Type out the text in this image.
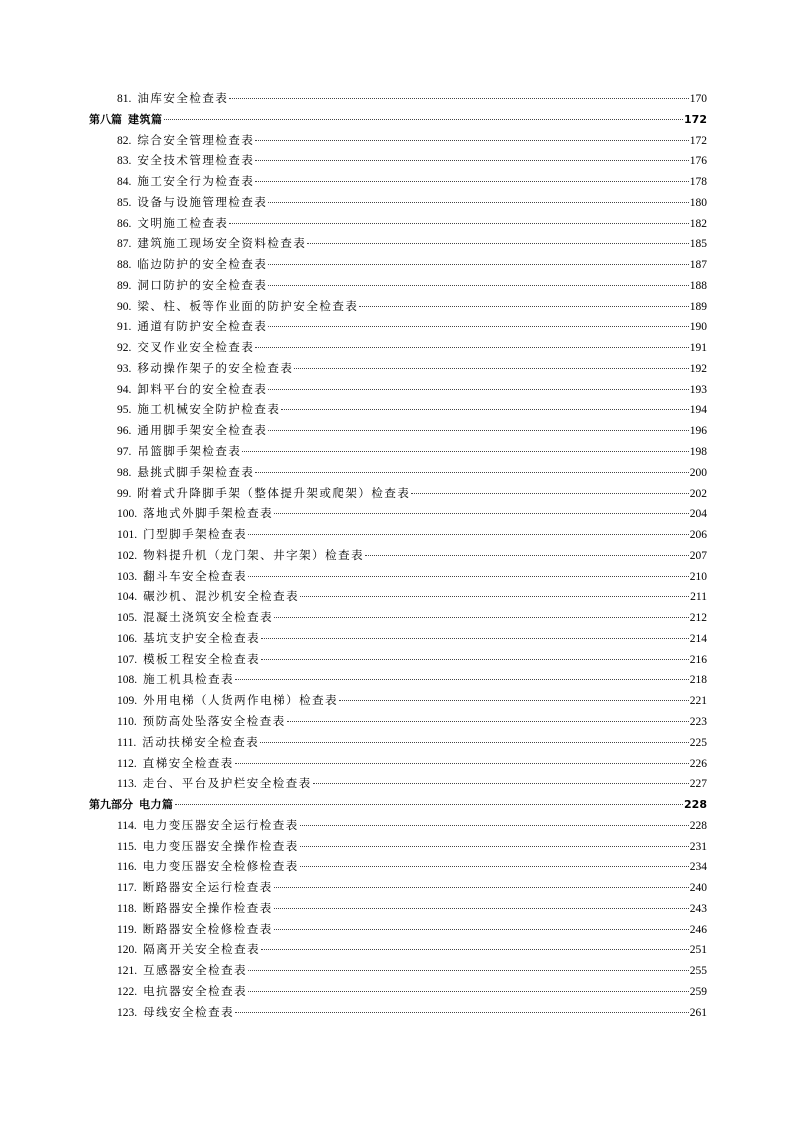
81. 油库安全检查表	170
第八篇 建筑篇	172
82. 综合安全管理检查表	172
83. 安全技术管理检查表	176
84. 施工安全行为检查表	178
85. 设备与设施管理检查表	180
86. 文明施工检查表	182
87. 建筑施工现场安全资料检查表	185
88. 临边防护的安全检查表	187
89. 洞口防护的安全检查表	188
90. 梁、柱、板等作业面的防护安全检查表	189
91. 通道有防护安全检查表	190
92. 交叉作业安全检查表	191
93. 移动操作架子的安全检查表	192
94. 卸料平台的安全检查表	193
95. 施工机械安全防护检查表	194
96. 通用脚手架安全检查表	196
97. 吊篮脚手架检查表	198
98. 悬挑式脚手架检查表	200
99. 附着式升降脚手架（整体提升架或爬架）检查表	202
100. 落地式外脚手架检查表	204
101. 门型脚手架检查表	206
102. 物料提升机（龙门架、井字架）检查表	207
103. 翻斗车安全检查表	210
104. 碾沙机、混沙机安全检查表	211
105. 混凝土浇筑安全检查表	212
106. 基坑支护安全检查表	214
107. 模板工程安全检查表	216
108. 施工机具检查表	218
109. 外用电梯（人货两作电梯）检查表	221
110. 预防高处坠落安全检查表	223
111. 活动扶梯安全检查表	225
112. 直梯安全检查表	226
113. 走台、平台及护栏安全检查表	227
第九部分 电力篇	228
114. 电力变压器安全运行检查表	228
115. 电力变压器安全操作检查表	231
116. 电力变压器安全检修检查表	234
117. 断路器安全运行检查表	240
118. 断路器安全操作检查表	243
119. 断路器安全检修检查表	246
120. 隔离开关安全检查表	251
121. 互感器安全检查表	255
122. 电抗器安全检查表	259
123. 母线安全检查表	261
